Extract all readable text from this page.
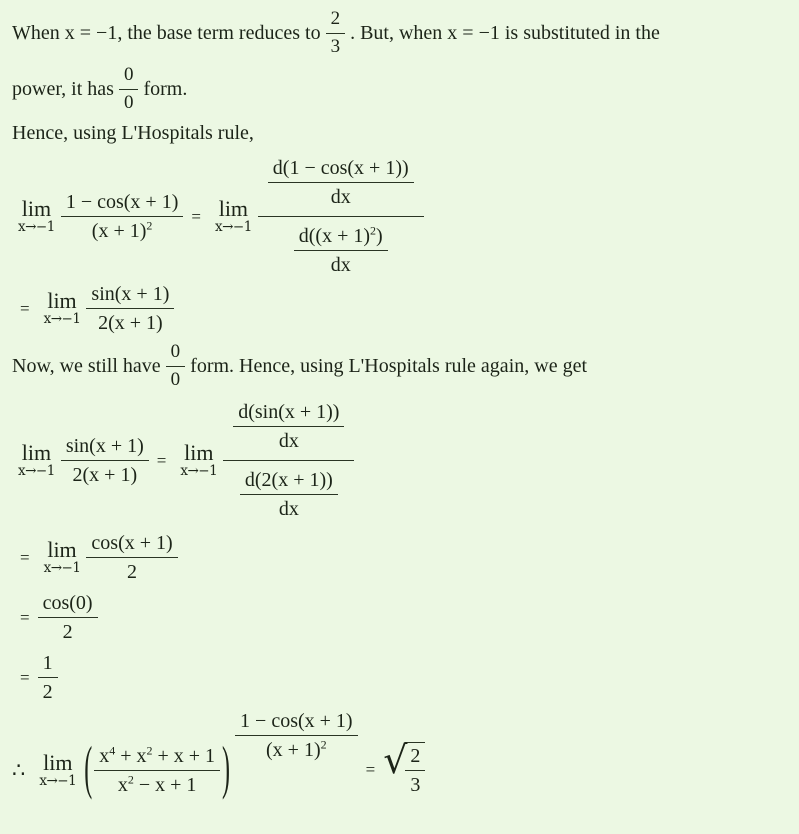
When x = −1, the base term reduces to $\frac{2}{3}$ . But, when x = −1 is substituted in the
power, it has $\frac{0}{0}$ form.
Hence, using L'Hospitals rule,
lim
$x\to-1 \frac{1 - \cos(x + 1)}{(x + 1)^2} = \lim$
$x\to-1 \frac{\frac{d(1 - \cos(x + 1))}{dx}}{\frac{d((x + 1)^2)}{dx}}$
= lim
$x\to-1 \frac{\sin(x + 1)}{2(x + 1)}$
Now, we still have $\frac{0}{0}$ form. Hence, using L'Hospitals rule again, we get
lim
$x\to-1 \frac{\sin(x + 1)}{2(x + 1)} = \lim$
$x\to-1 \frac{\frac{d(\sin(x + 1))}{dx}}{\frac{d(2(x + 1))}{dx}}$
= lim
$x\to-1 \frac{\cos(x + 1)}{2}$
= $\frac{\cos(0)}{2}$
= $\frac{1}{2}$
∴ lim
x→−1 ( $\frac{x^4 + x^2 + x + 1}{x^2 - x + 1}$ )
$\frac{1 - \cos(x + 1)}{(x + 1)^2}$
= √
$\frac{2}{3}$
